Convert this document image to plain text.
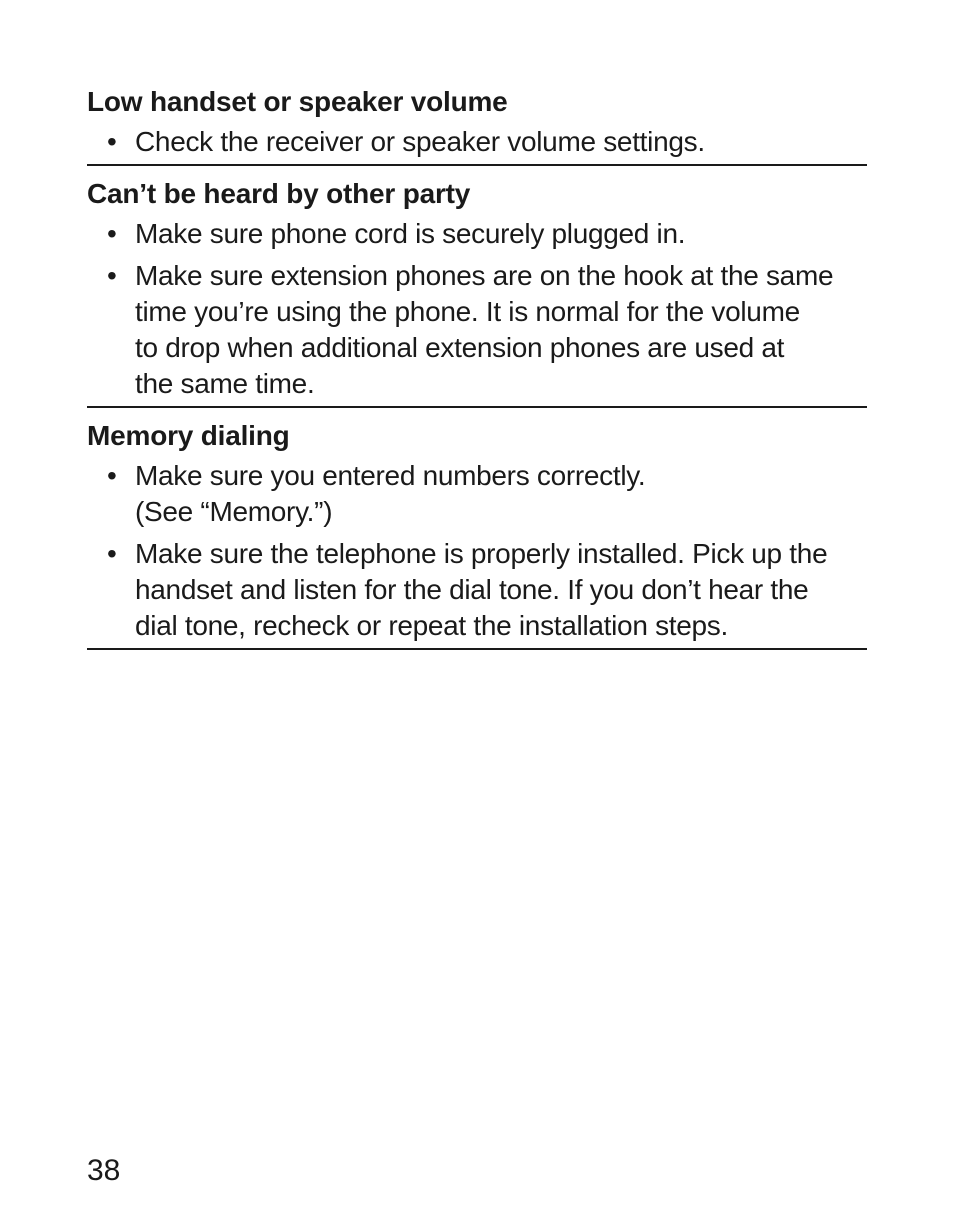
Low handset or speaker volume
• Check the receiver or speaker volume settings.
Can’t be heard by other party
• Make sure phone cord is securely plugged in.
• Make sure extension phones are on the hook at the same
time you’re using the phone. It is normal for the volume
to drop when additional extension phones are used at
the same time.
Memory dialing
• Make sure you entered numbers correctly.
(See “Memory.”)
• Make sure the telephone is properly installed. Pick up the
handset and listen for the dial tone. If you don’t hear the
dial tone, recheck or repeat the installation steps.
38
